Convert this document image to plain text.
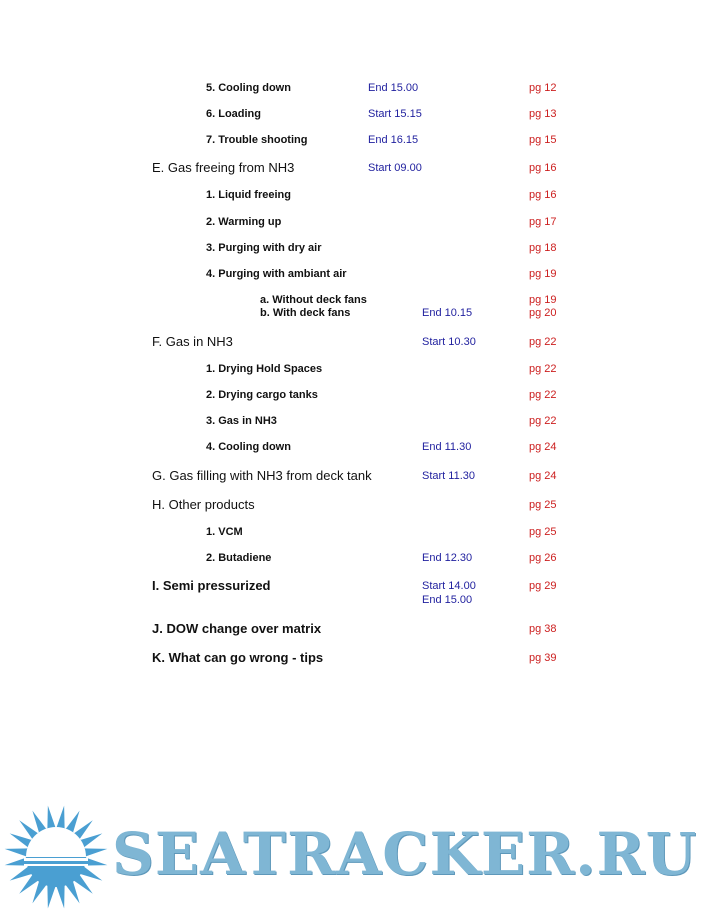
5. Cooling down	End 15.00	pg 12
6. Loading	Start 15.15	pg 13
7. Trouble shooting	End 16.15	pg 15
E. Gas freeing from NH3	Start 09.00	pg 16
1. Liquid freeing	pg 16
2. Warming up	pg 17
3. Purging with dry air	pg 18
4. Purging with ambiant air	pg 19
a. Without deck fans	pg 19
b. With deck fans	End 10.15	pg 20
F. Gas in NH3	Start 10.30	pg 22
1. Drying Hold Spaces	pg 22
2. Drying cargo tanks	pg 22
3. Gas in NH3	pg 22
4. Cooling down	End 11.30	pg 24
G. Gas filling with NH3 from deck tank	Start 11.30	pg 24
H. Other products	pg 25
1. VCM	pg 25
2. Butadiene	End 12.30	pg 26
I. Semi pressurized	Start 14.00	pg 29
End 15.00
J. DOW change over matrix	pg 38
K. What can go wrong - tips	pg 39
SEATRACKER.RU
